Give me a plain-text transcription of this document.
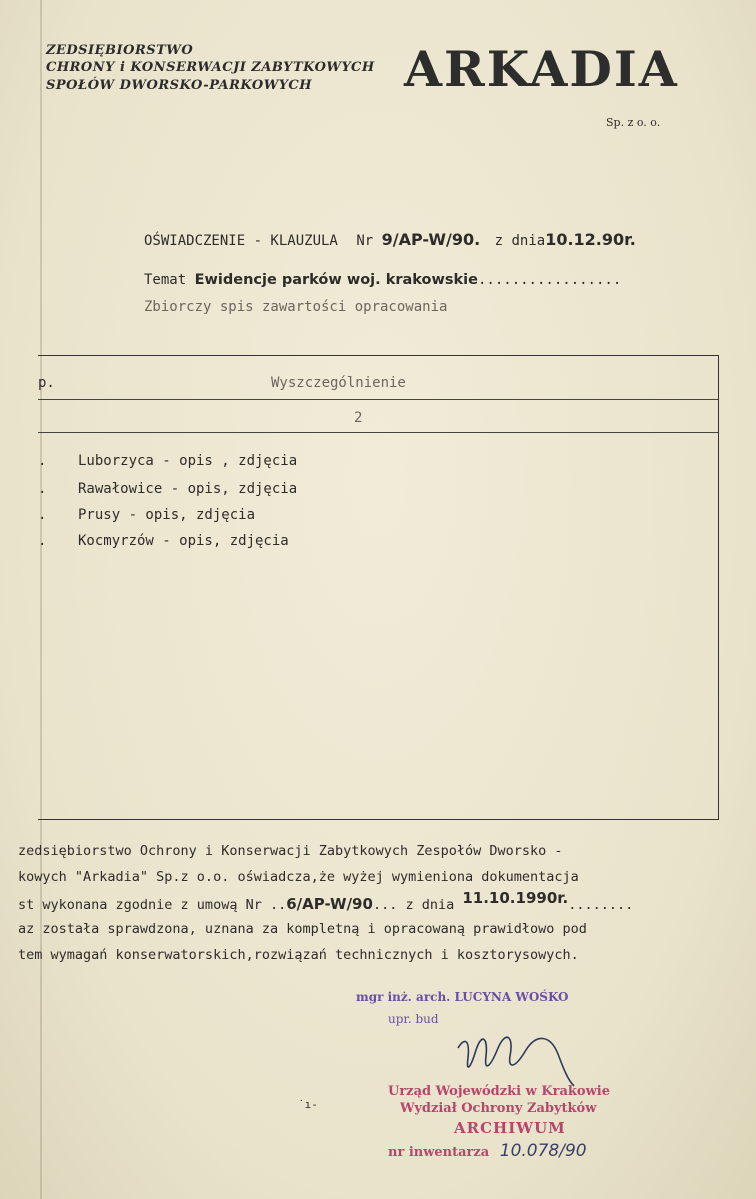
ZEDSIĘBIORSTWO
CHRONY i KONSERWACJI ZABYTKOWYCH
SPOŁÓW DWORSKO-PARKOWYCH ARKADIA
Sp. z o. o.
OŚWIADCZENIE - KLAUZULA Nr 9/AP-W/90. z dnia10.12.90r.
Temat Ewidencje parków woj. krakowskie.................
Zbiorczy spis zawartości opracowania
p.	Wyszczególnienie
2
. Luborzyca - opis , zdjęcia
. Rawałowice - opis, zdjęcia
. Prusy - opis, zdjęcia
. Kocmyrzów - opis, zdjęcia
zedsiębiorstwo Ochrony i Konserwacji Zabytkowych Zespołów Dworsko -
kowych "Arkadia" Sp.z o.o. oświadcza,że wyżej wymieniona dokumentacja
st wykonana zgodnie z umową Nr ..6/AP-W/90... z dnia 11.10.1990r.........
az została sprawdzona, uznana za kompletną i opracowaną prawidłowo pod
tem wymagań konserwatorskich,rozwiązań technicznych i kosztorysowych.
mgr inż. arch. LUCYNA WOŚKO
upr. bud
Urząd Wojewódzki w Krakowie
Wydział Ochrony Zabytków
ARCHIWUM
nr inwentarza 10.078/90
˙ı-
